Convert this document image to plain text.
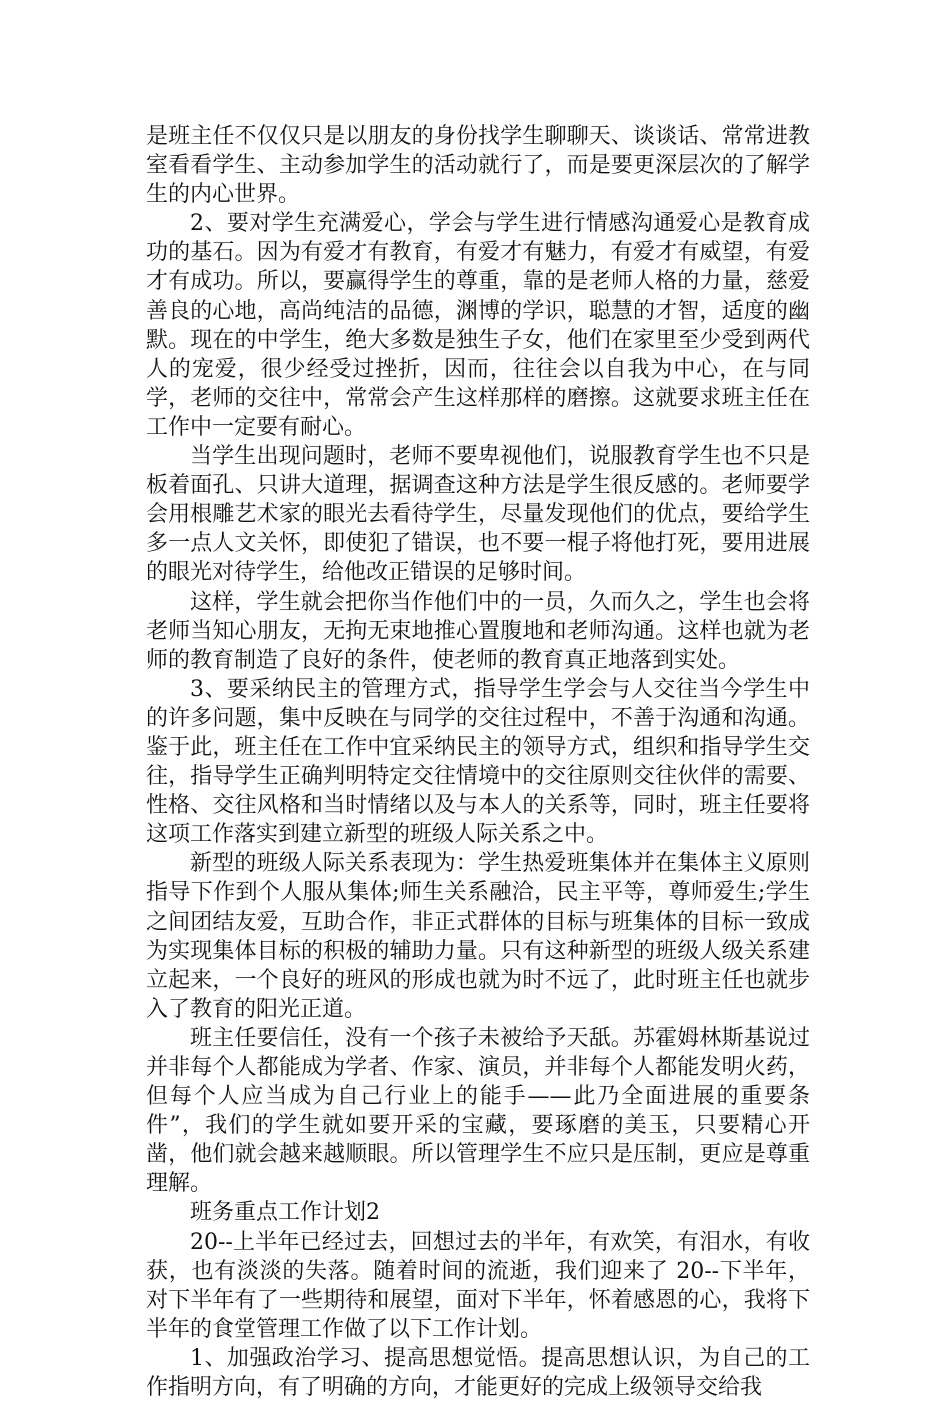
是班主任不仅仅只是以朋友的身份找学生聊聊天、谈谈话、常常进教室看看学生、主动参加学生的活动就行了，而是要更深层次的了解学生的内心世界。

2、要对学生充满爱心，学会与学生进行情感沟通爱心是教育成功的基石。因为有爱才有教育，有爱才有魅力，有爱才有威望，有爱才有成功。所以，要赢得学生的尊重，靠的是老师人格的力量，慈爱善良的心地，高尚纯洁的品德，渊博的学识，聪慧的才智，适度的幽默。现在的中学生，绝大多数是独生子女，他们在家里至少受到两代人的宠爱，很少经受过挫折，因而，往往会以自我为中心，在与同学，老师的交往中，常常会产生这样那样的磨擦。这就要求班主任在工作中一定要有耐心。

当学生出现问题时，老师不要卑视他们，说服教育学生也不只是板着面孔、只讲大道理，据调查这种方法是学生很反感的。老师要学会用根雕艺术家的眼光去看待学生，尽量发现他们的优点，要给学生多一点人文关怀，即使犯了错误，也不要一棍子将他打死，要用进展的眼光对待学生，给他改正错误的足够时间。

这样，学生就会把你当作他们中的一员，久而久之，学生也会将老师当知心朋友，无拘无束地推心置腹地和老师沟通。这样也就为老师的教育制造了良好的条件，使老师的教育真正地落到实处。

3、要采纳民主的管理方式，指导学生学会与人交往当今学生中的许多问题，集中反映在与同学的交往过程中，不善于沟通和沟通。鉴于此，班主任在工作中宜采纳民主的领导方式，组织和指导学生交往，指导学生正确判明特定交往情境中的交往原则交往伙伴的需要、性格、交往风格和当时情绪以及与本人的关系等，同时，班主任要将这项工作落实到建立新型的班级人际关系之中。

新型的班级人际关系表现为：学生热爱班集体并在集体主义原则指导下作到个人服从集体;师生关系融洽，民主平等，尊师爱生;学生之间团结友爱，互助合作，非正式群体的目标与班集体的目标一致成为实现集体目标的积极的辅助力量。只有这种新型的班级人级关系建立起来，一个良好的班风的形成也就为时不远了，此时班主任也就步入了教育的阳光正道。

班主任要信任，没有一个孩子未被给予天舐。苏霍姆林斯基说过并非每个人都能成为学者、作家、演员，并非每个人都能发明火药，但每个人应当成为自己行业上的能手——此乃全面进展的重要条件”，我们的学生就如要开采的宝藏，要琢磨的美玉，只要精心开凿，他们就会越来越顺眼。所以管理学生不应只是压制，更应是尊重理解。

班务重点工作计划2

20--上半年已经过去，回想过去的半年，有欢笑，有泪水，有收获，也有淡淡的失落。随着时间的流逝，我们迎来了 20--下半年，对下半年有了一些期待和展望，面对下半年，怀着感恩的心，我将下半年的食堂管理工作做了以下工作计划。

1、加强政治学习、提高思想觉悟。提高思想认识，为自己的工作指明方向，有了明确的方向，才能更好的完成上级领导交给我
